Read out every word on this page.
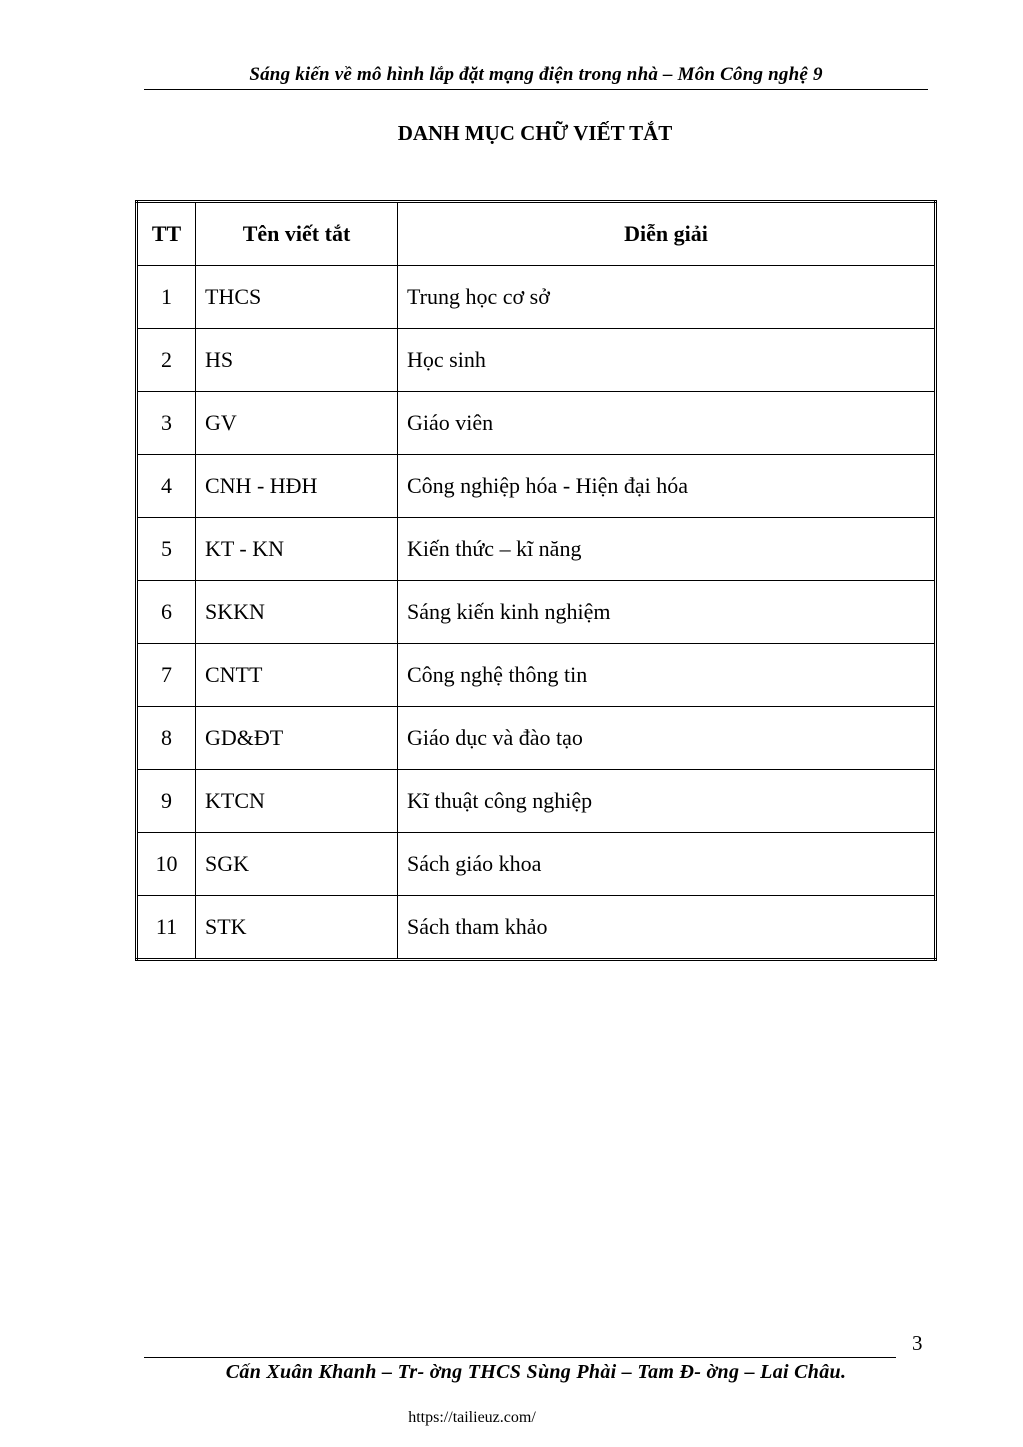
Sáng kiến về mô hình lắp đặt mạng điện trong nhà – Môn Công nghệ 9
DANH MỤC CHỮ VIẾT TẮT
TT	Tên viết tắt	Diễn giải
1	THCS	Trung học cơ sở
2	HS	Học sinh
3	GV	Giáo viên
4	CNH - HĐH	Công nghiệp hóa - Hiện đại hóa
5	KT - KN	Kiến thức – kĩ năng
6	SKKN	Sáng kiến kinh nghiệm
7	CNTT	Công nghệ thông tin
8	GD&ĐT	Giáo dục và đào tạo
9	KTCN	Kĩ thuật công nghiệp
10	SGK	Sách giáo khoa
11	STK	Sách tham khảo
3
Cấn Xuân Khanh – Tr- ờng THCS Sùng Phài – Tam Đ- ờng – Lai Châu.
https://tailieuz.com/
